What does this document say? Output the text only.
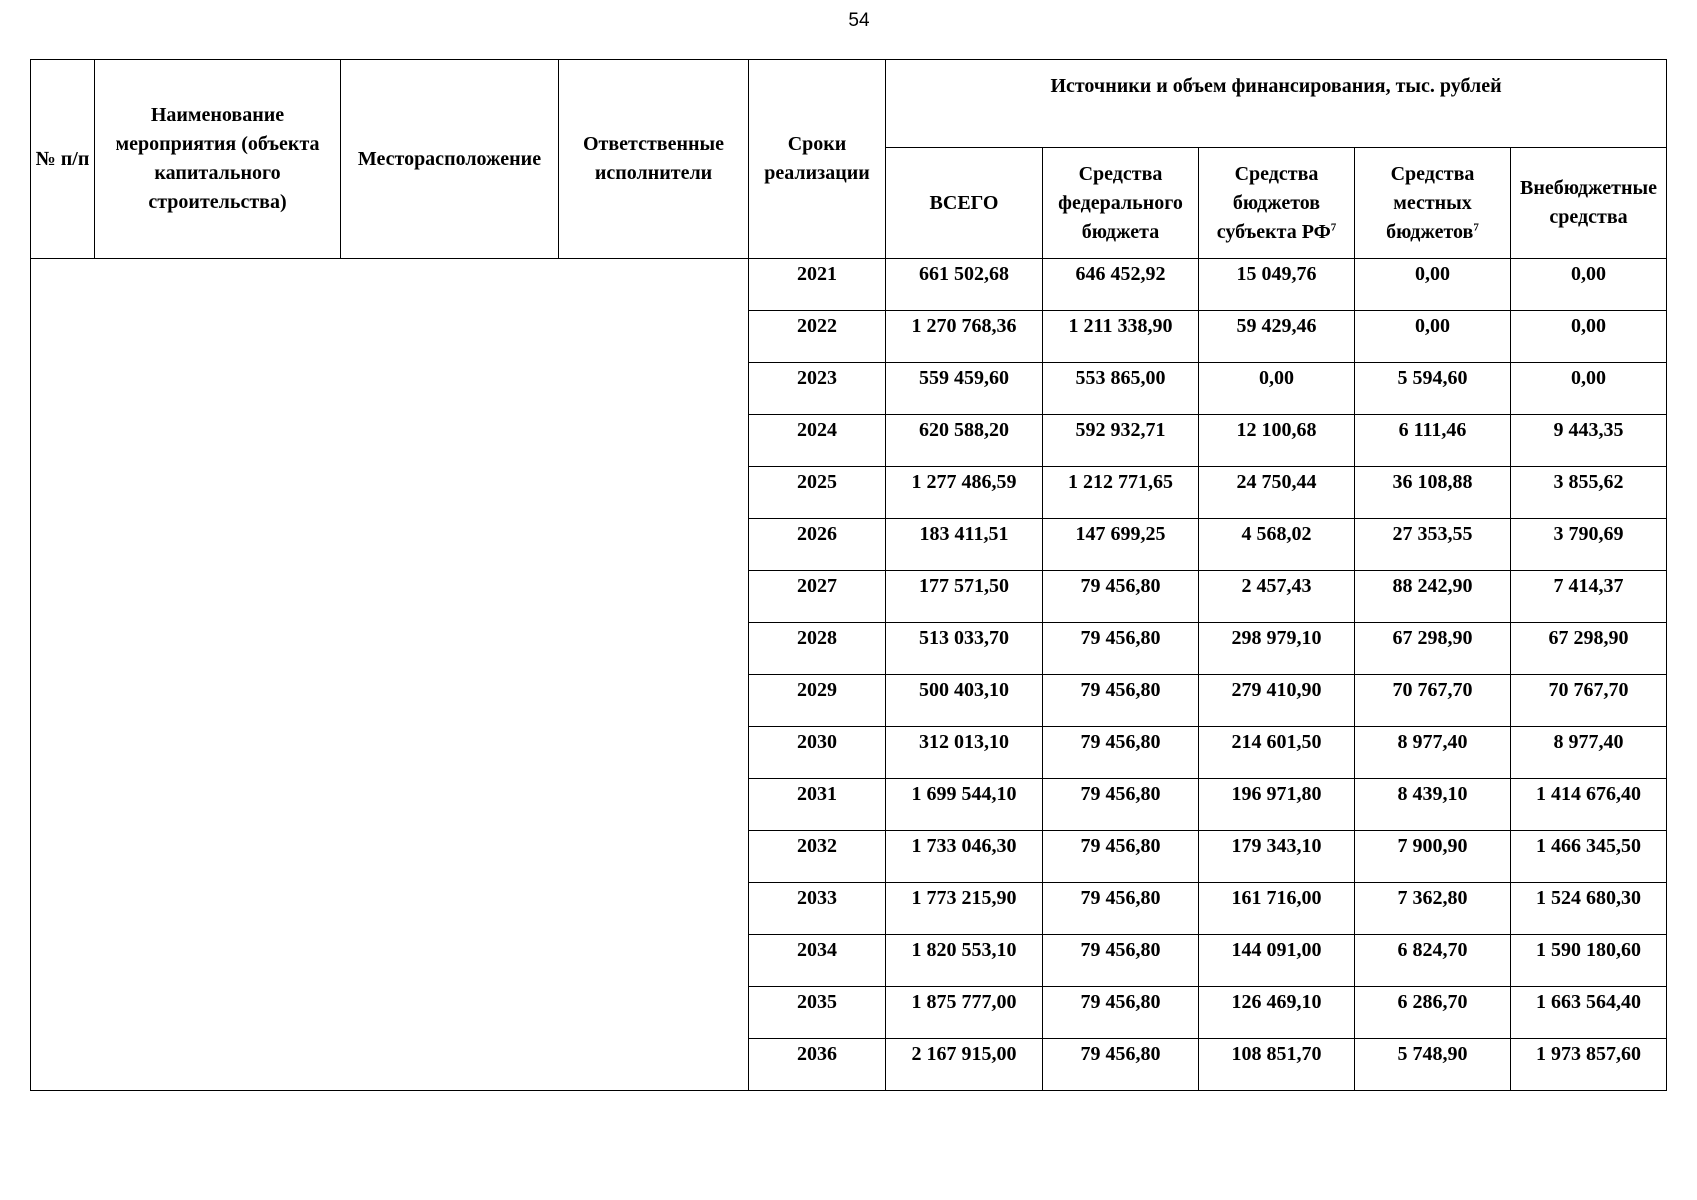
54
№ п/п	Наименование мероприятия (объекта капитального строительства)	Месторасположение	Ответственные исполнители	Сроки реализации	Источники и объем финансирования, тыс. рублей				
					ВСЕГО	Средства федерального бюджета	Средства бюджетов субъекта $РФ^7$	Средства местных бюджетов$^7$	Внебюджетные средства
				2021	661 502,68	646 452,92	15 049,76	0,00	0,00
				2022	1 270 768,36	1 211 338,90	59 429,46	0,00	0,00
				2023	559 459,60	553 865,00	0,00	5 594,60	0,00
				2024	620 588,20	592 932,71	12 100,68	6 111,46	9 443,35
				2025	1 277 486,59	1 212 771,65	24 750,44	36 108,88	3 855,62
				2026	183 411,51	147 699,25	4 568,02	27 353,55	3 790,69
				2027	177 571,50	79 456,80	2 457,43	88 242,90	7 414,37
				2028	513 033,70	79 456,80	298 979,10	67 298,90	67 298,90
				2029	500 403,10	79 456,80	279 410,90	70 767,70	70 767,70
				2030	312 013,10	79 456,80	214 601,50	8 977,40	8 977,40
				2031	1 699 544,10	79 456,80	196 971,80	8 439,10	1 414 676,40
				2032	1 733 046,30	79 456,80	179 343,10	7 900,90	1 466 345,50
				2033	1 773 215,90	79 456,80	161 716,00	7 362,80	1 524 680,30
				2034	1 820 553,10	79 456,80	144 091,00	6 824,70	1 590 180,60
				2035	1 875 777,00	79 456,80	126 469,10	6 286,70	1 663 564,40
				2036	2 167 915,00	79 456,80	108 851,70	5 748,90	1 973 857,60
